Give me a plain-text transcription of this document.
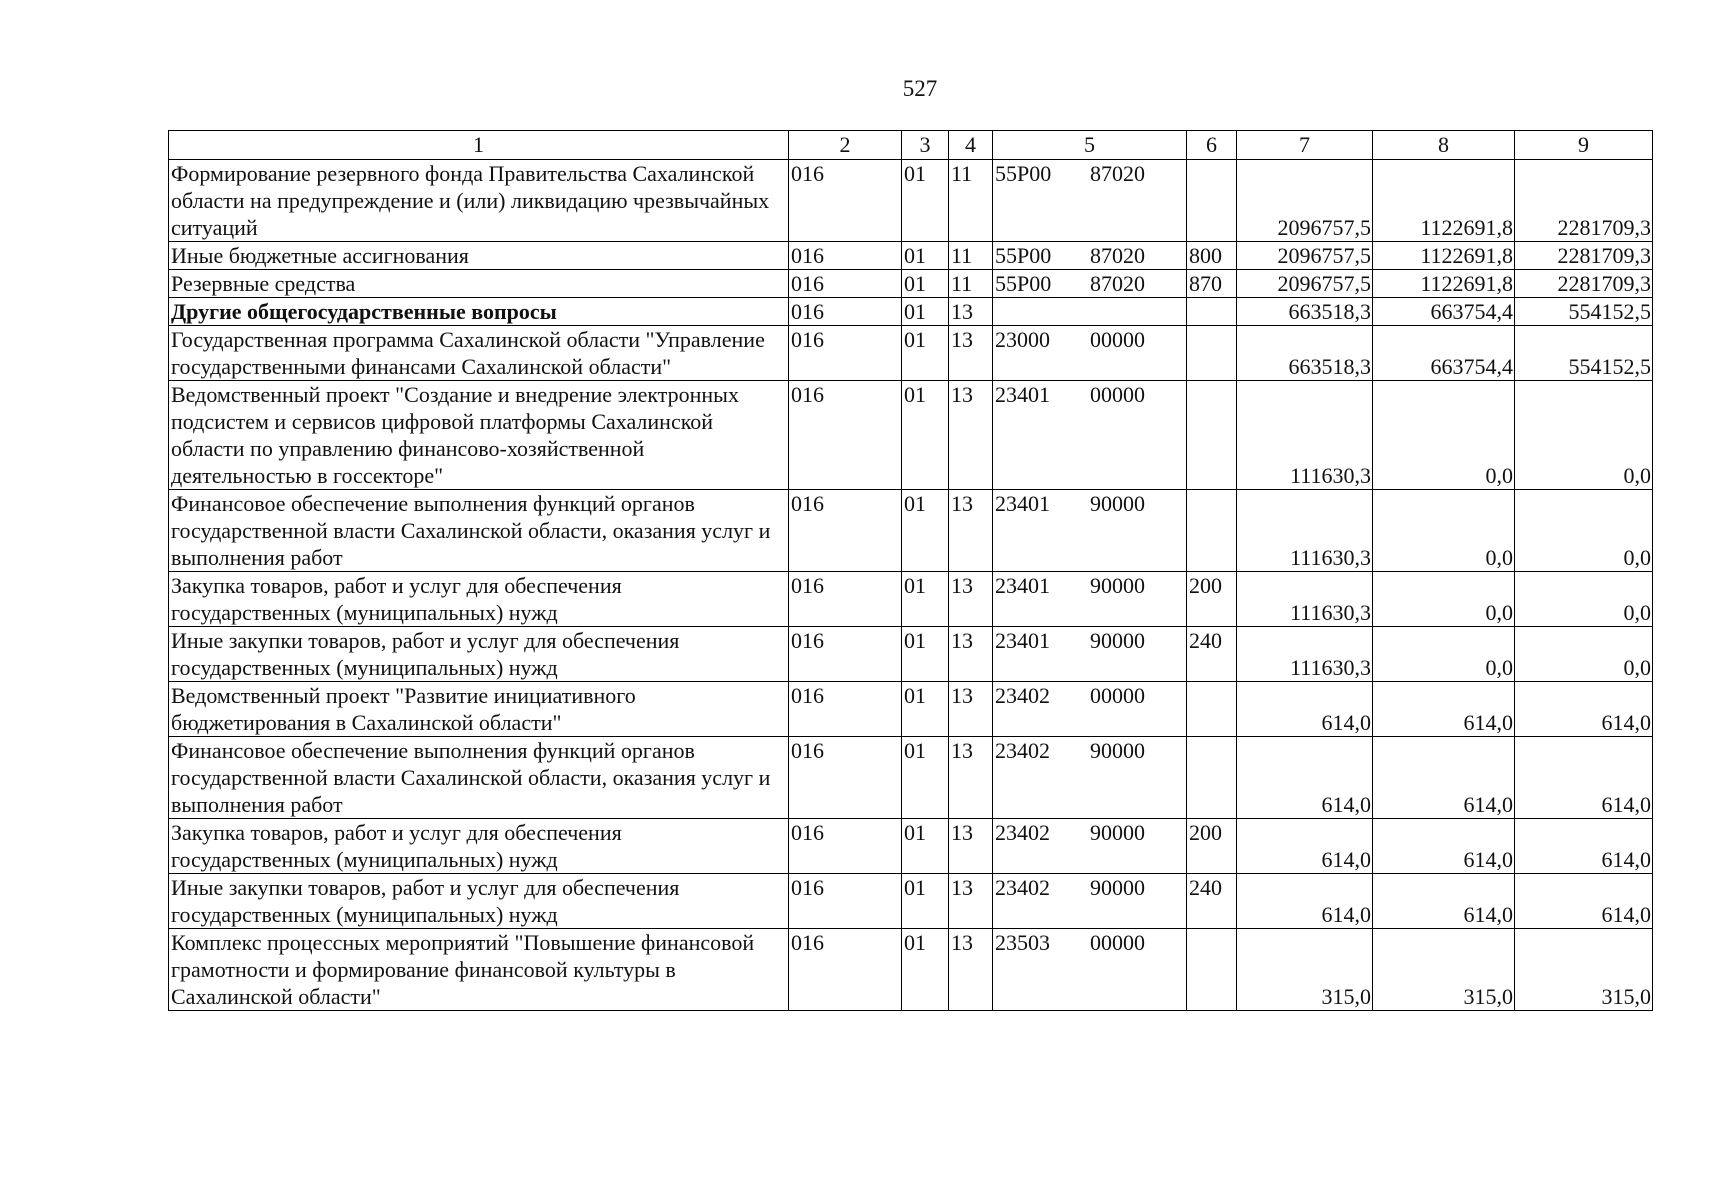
527
1	2	3	4	5	6	7	8	9
Формирование резервного фонда Правительства Сахалинской области на предупреждение и (или) ликвидацию чрезвычайных ситуаций	016	01	11	55Р00 87020		2096757,5	1122691,8	2281709,3
Иные бюджетные ассигнования	016	01	11	55Р00 87020	800	2096757,5	1122691,8	2281709,3
Резервные средства	016	01	11	55Р00 87020	870	2096757,5	1122691,8	2281709,3
Другие общегосударственные вопросы	016	01	13			663518,3	663754,4	554152,5
Государственная программа Сахалинской области "Управление государственными финансами Сахалинской области"	016	01	13	23000 00000		663518,3	663754,4	554152,5
Ведомственный проект "Создание и внедрение электронных подсистем и сервисов цифровой платформы Сахалинской области по управлению финансово-хозяйственной деятельностью в госсекторе"	016	01	13	23401 00000		111630,3	0,0	0,0
Финансовое обеспечение выполнения функций органов государственной власти Сахалинской области, оказания услуг и выполнения работ	016	01	13	23401 90000		111630,3	0,0	0,0
Закупка товаров, работ и услуг для обеспечения государственных (муниципальных) нужд	016	01	13	23401 90000	200	111630,3	0,0	0,0
Иные закупки товаров, работ и услуг для обеспечения государственных (муниципальных) нужд	016	01	13	23401 90000	240	111630,3	0,0	0,0
Ведомственный проект "Развитие инициативного бюджетирования в Сахалинской области"	016	01	13	23402 00000		614,0	614,0	614,0
Финансовое обеспечение выполнения функций органов государственной власти Сахалинской области, оказания услуг и выполнения работ	016	01	13	23402 90000		614,0	614,0	614,0
Закупка товаров, работ и услуг для обеспечения государственных (муниципальных) нужд	016	01	13	23402 90000	200	614,0	614,0	614,0
Иные закупки товаров, работ и услуг для обеспечения государственных (муниципальных) нужд	016	01	13	23402 90000	240	614,0	614,0	614,0
Комплекс процессных мероприятий "Повышение финансовой грамотности и формирование финансовой культуры в Сахалинской области"	016	01	13	23503 00000		315,0	315,0	315,0
